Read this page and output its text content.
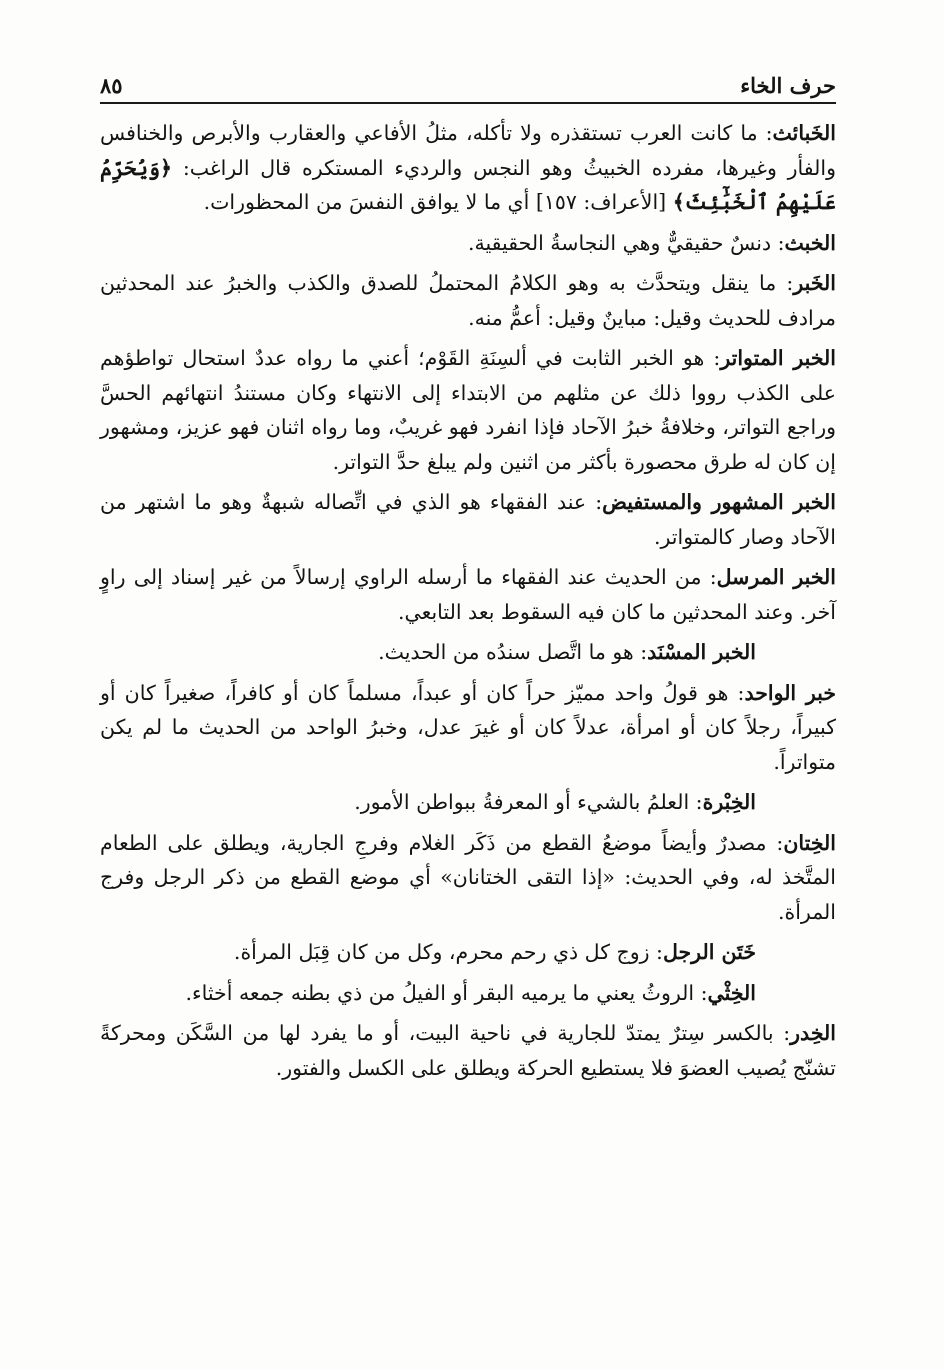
حرف الخاء
٨٥

الخَبائث: ما كانت العرب تستقذره ولا تأكله، مثلُ الأفاعي والعقارب والأبرص والخنافس والفأر وغيرها، مفرده الخبيثُ وهو النجس والرديء المستكره قال الراغب: ﴿وَيُحَرِّمُ عَلَيْهِمُ ٱلْخَبَٰٓئِثَ﴾ [الأعراف: ١٥٧] أي ما لا يوافق النفسَ من المحظورات.

الخبث: دنسٌ حقيقيٌّ وهي النجاسةُ الحقيقية.

الخَبر: ما ينقل ويتحدَّث به وهو الكلامُ المحتملُ للصدق والكذب والخبرُ عند المحدثين مرادف للحديث وقيل: مباينٌ وقيل: أعمُّ منه.

الخبر المتواتر: هو الخبر الثابت في ألسِنَةِ القَوْم؛ أعني ما رواه عددٌ استحال تواطؤهم على الكذب رووا ذلك عن مثلهم من الابتداء إلى الانتهاء وكان مستندُ انتهائهم الحسَّ وراجع التواتر، وخلافةُ خبرُ الآحاد فإذا انفرد فهو غريبٌ، وما رواه اثنان فهو عزيز، ومشهور إن كان له طرق محصورة بأكثر من اثنين ولم يبلغ حدَّ التواتر.

الخبر المشهور والمستفيض: عند الفقهاء هو الذي في اتِّصاله شبهةٌ وهو ما اشتهر من الآحاد وصار كالمتواتر.

الخبر المرسل: من الحديث عند الفقهاء ما أرسله الراوي إرسالاً من غير إسناد إلى راوٍ آخر. وعند المحدثين ما كان فيه السقوط بعد التابعي.

الخبر المسْنَد: هو ما اتَّصل سندُه من الحديث.

خبر الواحد: هو قولُ واحد مميّز حراً كان أو عبداً، مسلماً كان أو كافراً، صغيراً كان أو كبيراً، رجلاً كان أو امرأة، عدلاً كان أو غيرَ عدل، وخبرُ الواحد من الحديث ما لم يكن متواتراً.

الخِبْرة: العلمُ بالشيء أو المعرفةُ ببواطن الأمور.

الخِتان: مصدرٌ وأيضاً موضعُ القطع من ذَكَر الغلام وفرجِ الجارية، ويطلق على الطعام المتَّخذ له، وفي الحديث: «إذا التقى الختانان» أي موضع القطع من ذكر الرجل وفرج المرأة.

خَتَن الرجل: زوج كل ذي رحم محرم، وكل من كان قِبَل المرأة.

الخِثْي: الروثُ يعني ما يرميه البقر أو الفيلُ من ذي بطنه جمعه أخثاء.

الخِدر: بالكسر سِترٌ يمتدّ للجارية في ناحية البيت، أو ما يفرد لها من السَّكَن ومحركةً تشنّج يُصيب العضوَ فلا يستطيع الحركة ويطلق على الكسل والفتور.
